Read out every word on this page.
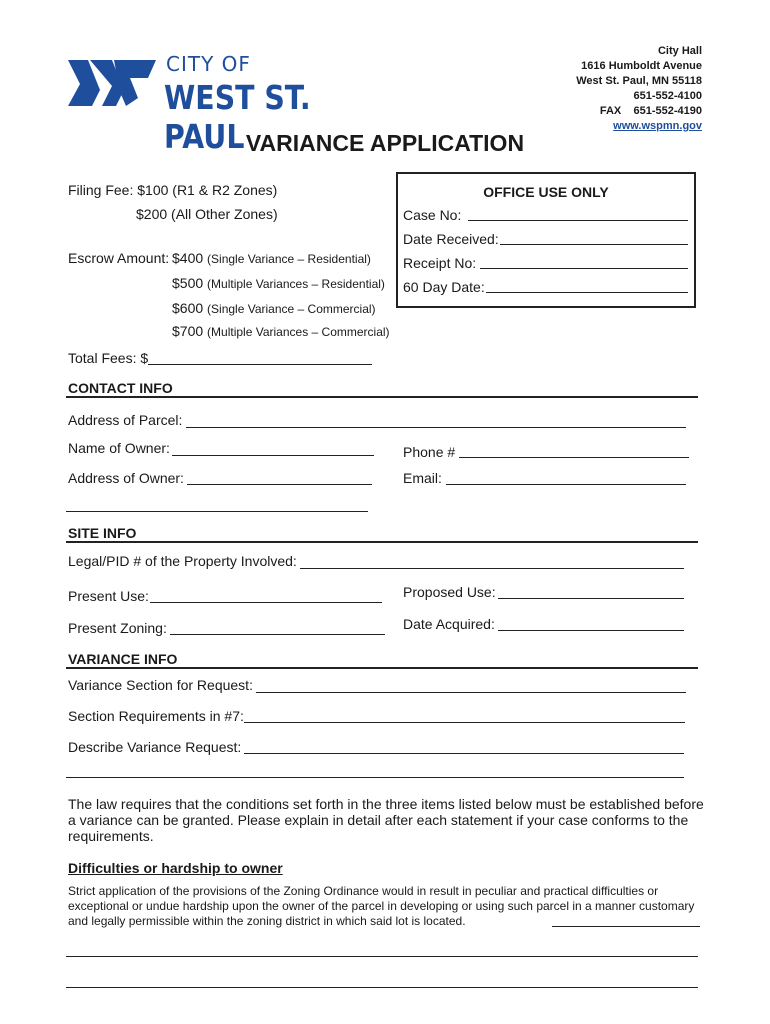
CITY OF
WEST ST. PAUL
City Hall
1616 Humboldt Avenue
West St. Paul, MN 55118
651-552-4100
FAX 651-552-4190
www.wspmn.gov
VARIANCE APPLICATION
Filing Fee: $100 (R1 & R2 Zones)
$200 (All Other Zones)
Escrow Amount: $400 (Single Variance – Residential)
$500 (Multiple Variances – Residential)
$600 (Single Variance – Commercial)
$700 (Multiple Variances – Commercial)
Total Fees: $
OFFICE USE ONLY
Case No:
Date Received:
Receipt No:
60 Day Date:
CONTACT INFO
Address of Parcel:
Name of Owner:	Phone #
Address of Owner:	Email:
SITE INFO
Legal/PID # of the Property Involved:
Present Use:	Proposed Use:
Present Zoning:	Date Acquired:
VARIANCE INFO
Variance Section for Request:
Section Requirements in #7:
Describe Variance Request:
The law requires that the conditions set forth in the three items listed below must be established before a variance can be granted. Please explain in detail after each statement if your case conforms to the requirements.
Difficulties or hardship to owner
Strict application of the provisions of the Zoning Ordinance would in result in peculiar and practical difficulties or exceptional or undue hardship upon the owner of the parcel in developing or using such parcel in a manner customary and legally permissible within the zoning district in which said lot is located.
